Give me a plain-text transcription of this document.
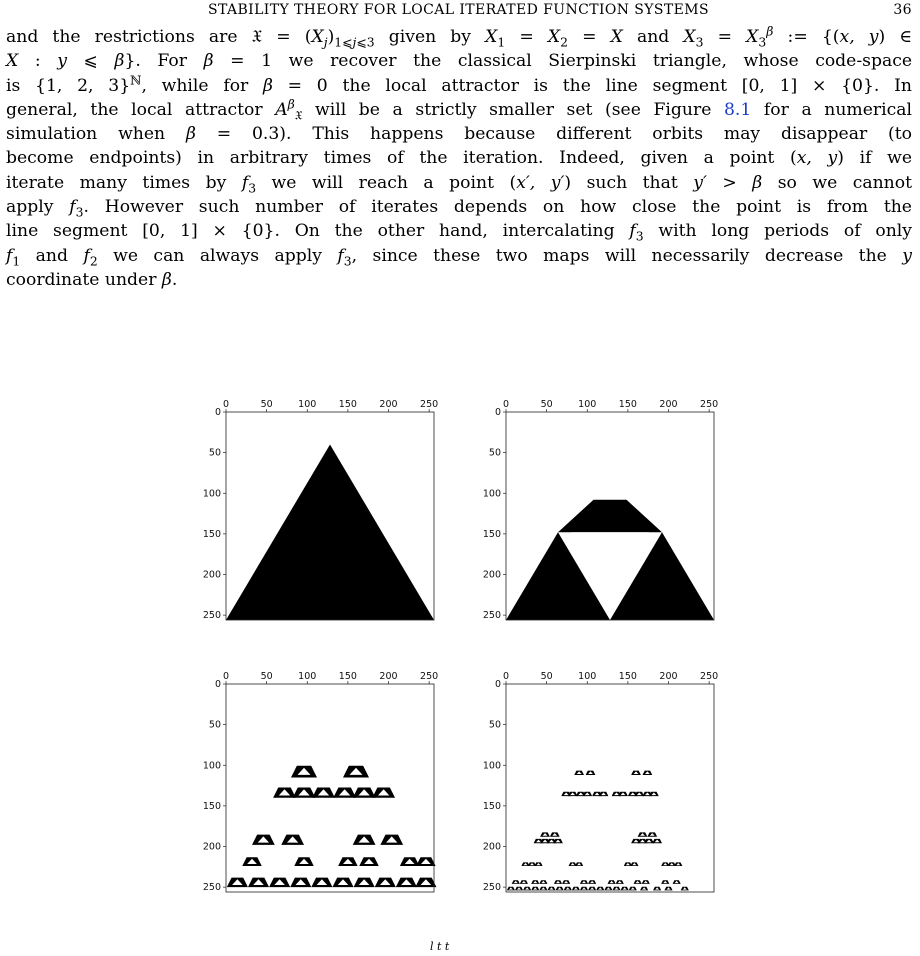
STABILITY THEORY FOR LOCAL ITERATED FUNCTION SYSTEMS	36
and the restrictions are 𝔛 = $(X_j)_{1⩽j⩽3}$ given by $X_1 = X_2 = X$ and $X_3 = X_3^\beta$ := {(x, y) ∈
X : y ⩽ β}. For β = 1 we recover the classical Sierpinski triangle, whose code-space
is {1, 2, 3}$^ℕ$, while for β = 0 the local attractor is the line segment [0, 1] × {0}. In
general, the local attractor $A^\beta_𝔛$ will be a strictly smaller set (see Figure 8.1 for a numerical
simulation when β = 0.3). This happens because different orbits may disappear (to
become endpoints) in arbitrary times of the iteration. Indeed, given a point (x, y) if we
iterate many times by $f_3$ we will reach a point (x′, y′) such that y′ > β so we cannot
apply $f_3$. However such number of iterates depends on how close the point is from the
line segment [0, 1] × {0}. On the other hand, intercalating $f_3$ with long periods of only
$f_1$ and $f_2$ we can always apply $f_3$, since these two maps will necessarily decrease the y
coordinate under β.
0	50	100 150 200 250
0
50
100
150
200
250
0	50	100 150 200 250
0
50
100
150
200
250
0	50	100 150 200 250
0
50
100
150
200
250
0	50	100 150 200 250
0
50
100
150
200
250
l t t
